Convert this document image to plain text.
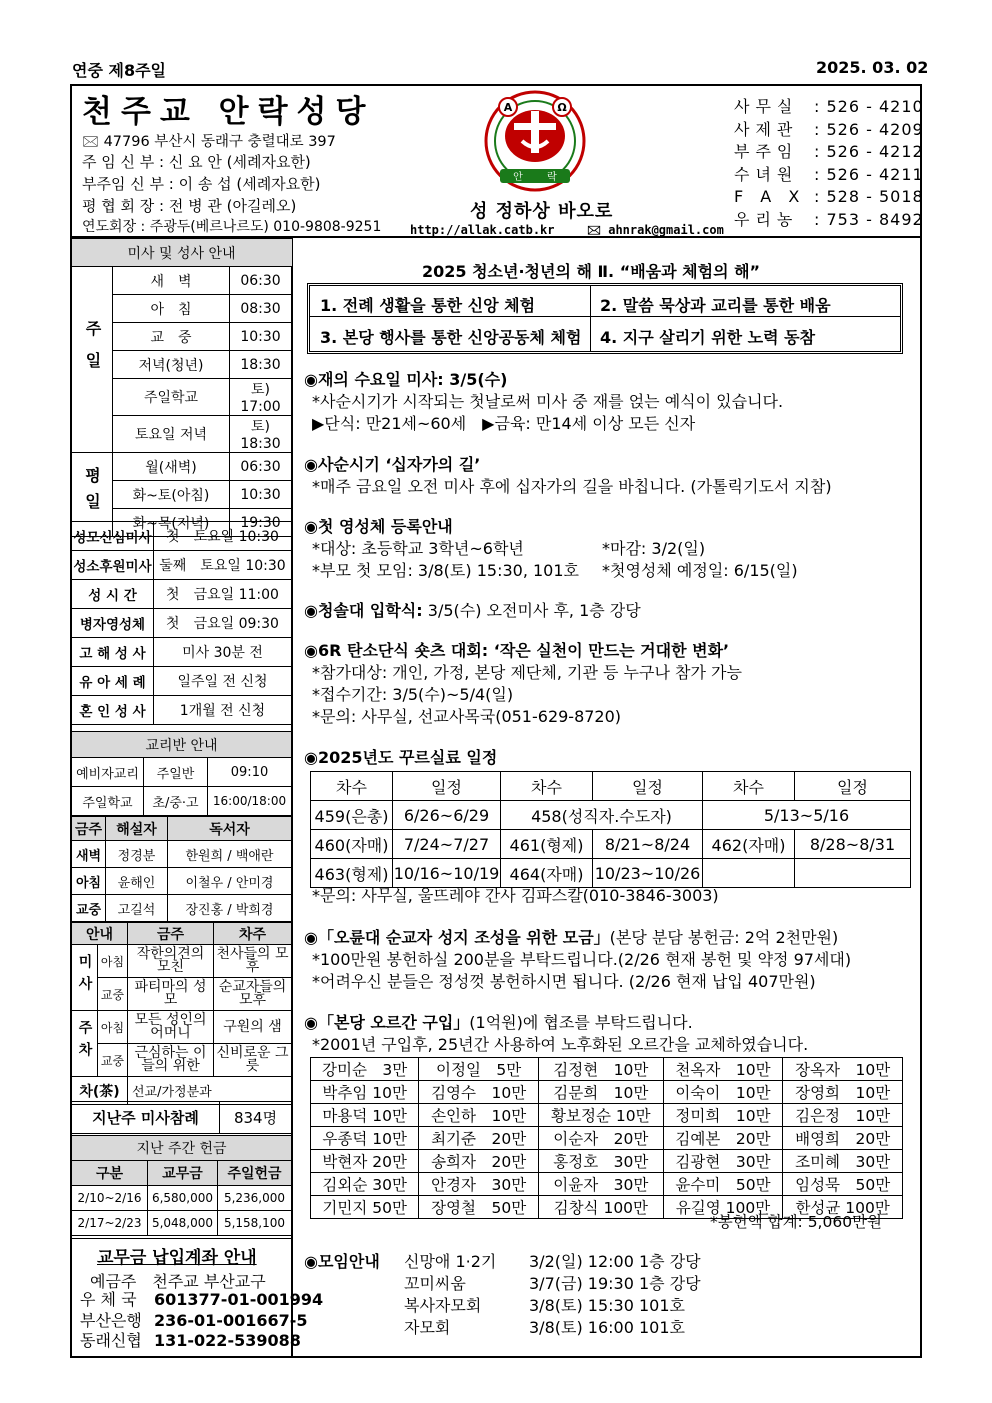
연중 제8주일	2025. 03. 02
천주교 안락성당
🖂 47796 부산시 동래구 충렬대로 397
주 임 신 부 : 신 요 안 (세례자요한)
부주임 신 부 : 이 송 섭 (세례자요한)
평 협 회 장 : 전 병 관 (아길레오)
연도회장 : 주광두(베르나르도) 010-9808-9251
A	Ω
안 락
성 정하상 바오로
http://allak.catb.kr	🖂 ahnrak@gmail.com
사무실 : 526 - 4210
사제관 : 526 - 4209
부주임 : 526 - 4212
수녀원 : 526 - 4211
F A X : 528 - 5018
우리농 : 753 - 8492
미사 및 성사 안내		
주일	새　벽	06:30
	아　침	08:30
	교　중	10:30
	저녁(청년)	18:30
	주일학교	토) 17:00
	토요일 저녁	토) 18:30
평일	월(새벽)	06:30
	화~토(아침)	10:30
	화~목(저녁)	19:30
성모신심미사	첫　토요일 10:30
성소후원미사	둘째　토요일 10:30
성 시 간	첫　금요일 11:00
병자영성체	첫　금요일 09:30
고 해 성 사	미사 30분 전
유 아 세 례	일주일 전 신청
혼 인 성 사	1개월 전 신청
교리반 안내		
예비자교리	주일반	09:10
주일학교	초/중·고	16:00/18:00
금주	해설자	독서자
새벽	정경분	한원희 / 백애란
아침	윤해인	이철우 / 안미경
교중	고길석	장진홍 / 박희경
안내		금주	차주
미사	아침	작한의견의 모친	천사들의 모후
	교중	파티마의 성모	순교자들의 모후
주차	아침	모든 성인의 어머니	구원의 샘
	교중	근심하는 이들의 위한	신비로운 그릇
차(茶)		선교/가정분과	
지난주 미사참례	834명
지난 주간 헌금		
구분	교무금	주일헌금
2/10~2/16	6,580,000	5,236,000
2/17~2/23	5,048,000	5,158,100
교무금 납입계좌 안내
예금주　천주교 부산교구
우 체 국 601377-01-001994
부산은행 236-01-001667-5
동래신협 131-022-539088
2025 청소년·청년의 해 Ⅱ. “배움과 체험의 해”
1. 전례 생활을 통한 신앙 체험	2. 말씀 묵상과 교리를 통한 배움
3. 본당 행사를 통한 신앙공동체 체험 4. 지구 살리기 위한 노력 동참
◉재의 수요일 미사: 3/5(수)
*사순시기가 시작되는 첫날로써 미사 중 재를 얹는 예식이 있습니다.
▶단식: 만21세~60세　▶금육: 만14세 이상 모든 신자
◉사순시기 ‘십자가의 길’
*매주 금요일 오전 미사 후에 십자가의 길을 바칩니다. (가톨릭기도서 지참)
◉첫 영성체 등록안내
*대상: 초등학교 3학년~6학년	*마감: 3/2(일)
*부모 첫 모임: 3/8(토) 15:30, 101호 *첫영성체 예정일: 6/15(일)
◉청솔대 입학식: 3/5(수) 오전미사 후, 1층 강당
◉6R 탄소단식 숏츠 대회: ‘작은 실천이 만드는 거대한 변화’
*참가대상: 개인, 가정, 본당 제단체, 기관 등 누구나 참가 가능
*접수기간: 3/5(수)~5/4(일)
*문의: 사무실, 선교사목국(051-629-8720)
◉2025년도 꾸르실료 일정
차수	일정	차수	일정	차수	일정
459(은총)	6/26~6/29	458(성직자.수도자)		5/13~5/16	
460(자매)	7/24~7/27	461(형제)	8/21~8/24	462(자매)	8/28~8/31
463(형제)	10/16~10/19	464(자매)	10/23~10/26		
*문의: 사무실, 울뜨레야 간사 김파스칼(010-3846-3003)
◉「오륜대 순교자 성지 조성을 위한 모금」(본당 분담 봉헌금: 2억 2천만원)
*100만원 봉헌하실 200분을 부탁드립니다.(2/26 현재 봉헌 및 약정 97세대)
*어려우신 분들은 정성껏 봉헌하시면 됩니다. (2/26 현재 납입 407만원)
◉「본당 오르간 구입」(1억원)에 협조를 부탁드립니다.
*2001년 구입후, 25년간 사용하여 노후화된 오르간을 교체하였습니다.
강미순　3만	이정일　5만	김정현　10만	천옥자　10만	장옥자　10만
박추임 10만	김영수　10만	김문희　10만	이숙이　10만	장영희　10만
마용덕 10만	손인하　10만	황보정순 10만	정미희　10만	김은정　10만
우종덕 10만	최기준　20만	이순자　20만	김예본　20만	배영희　20만
박현자 20만	송희자　20만	홍정호　30만	김광현　30만	조미혜　30만
김외순 30만	안경자　30만	이윤자　30만	윤수미　50만	임성묵　50만
기민지 50만	장영철　50만	김창식 100만	유길영 100만	한성균 100만
*봉헌액 합계: 5,060만원
◉모임안내 신망애 1·2기 3/2(일) 12:00 1층 강당
꼬미씨움	3/7(금) 19:30 1층 강당
복사자모회	3/8(토) 15:30 101호
자모회	3/8(토) 16:00 101호
